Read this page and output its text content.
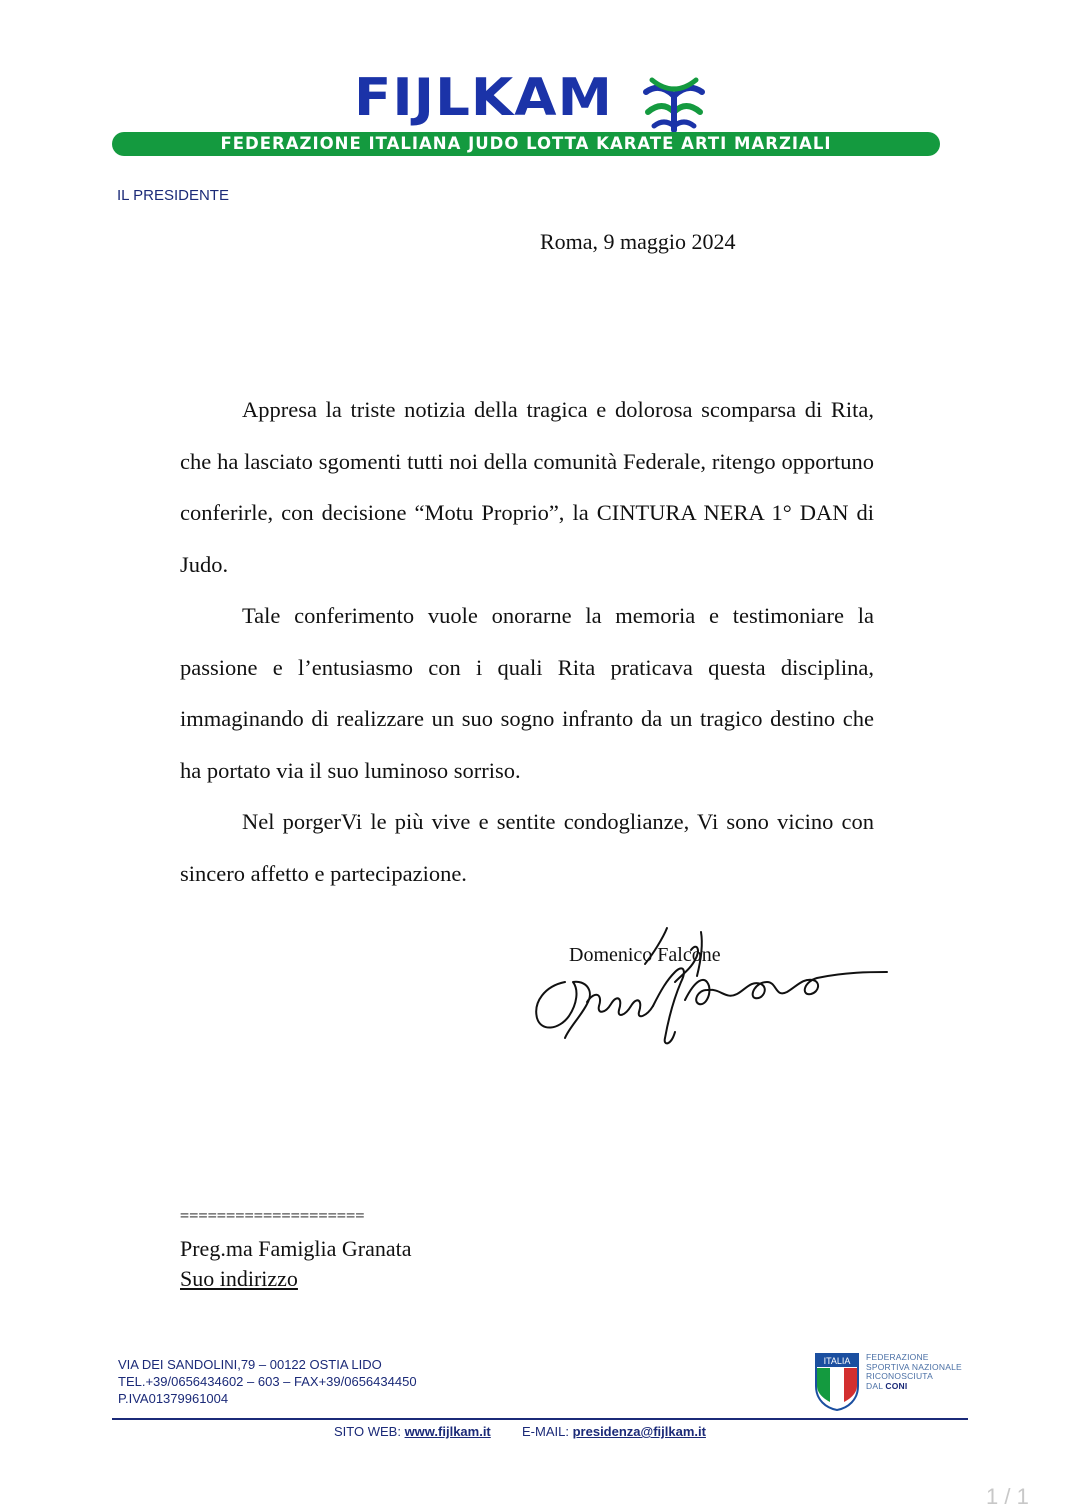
FIJLKAM
FEDERAZIONE ITALIANA JUDO LOTTA KARATE ARTI MARZIALI
IL PRESIDENTE
Roma, 9 maggio 2024

Appresa la triste notizia della tragica e dolorosa scomparsa di Rita, che ha lasciato sgomenti tutti noi della comunità Federale, ritengo opportuno conferirle, con decisione “Motu Proprio”, la CINTURA NERA 1° DAN di Judo.

Tale conferimento vuole onorarne la memoria e testimoniare la passione e l’entusiasmo con i quali Rita praticava questa disciplina, immaginando di realizzare un suo sogno infranto da un tragico destino che ha portato via il suo luminoso sorriso.

Nel porgerVi le più vive e sentite condoglianze, Vi sono vicino con sincero affetto e partecipazione.

Domenico Falcone
====================
Preg.ma Famiglia Granata
Suo indirizzo
VIA DEI SANDOLINI,79 – 00122 OSTIA LIDO
TEL.+39/0656434602 – 603 – FAX+39/0656434450
P.IVA01379961004
ITALIA FEDERAZIONE
SPORTIVA NAZIONALE
RICONOSCIUTA
DAL CONI
SITO WEB: www.fijlkam.it E-MAIL: presidenza@fijlkam.it
1 / 1
